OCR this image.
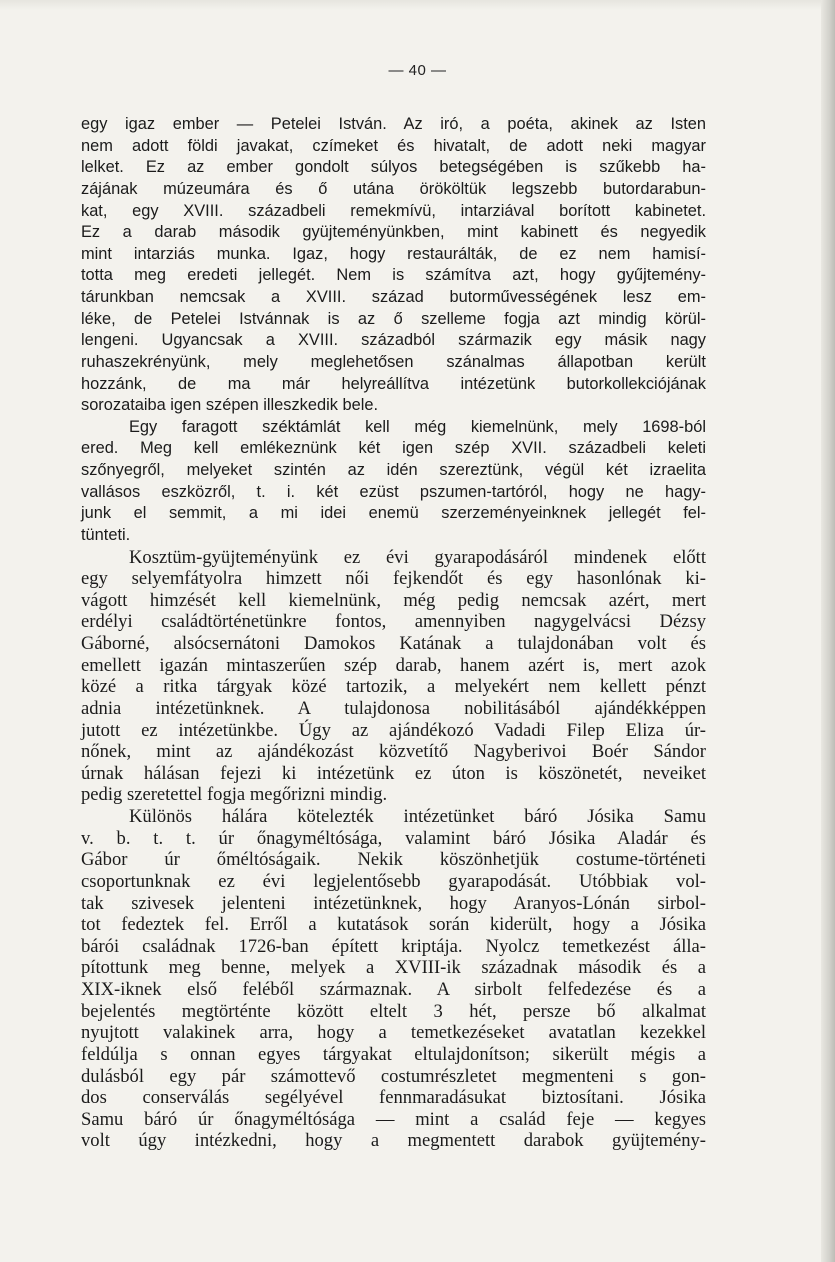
— 40 —
egy igaz ember — Petelei István. Az iró, a poéta, akinek az Isten
nem adott földi javakat, czímeket és hivatalt, de adott neki magyar
lelket. Ez az ember gondolt súlyos betegségében is szűkebb ha-
zájának múzeumára és ő utána örököltük legszebb butordarabun-
kat, egy XVIII. századbeli remekmívü, intarziával borított kabinetet.
Ez a darab második gyüjteményünkben, mint kabinett és negyedik
mint intarziás munka. Igaz, hogy restaurálták, de ez nem hamisí-
totta meg eredeti jellegét. Nem is számítva azt, hogy gyűjtemény-
tárunkban nemcsak a XVIII. század butorművességének lesz em-
léke, de Petelei Istvánnak is az ő szelleme fogja azt mindig körül-
lengeni. Ugyancsak a XVIII. századból származik egy másik nagy
ruhaszekrényünk, mely meglehetősen szánalmas állapotban került
hozzánk, de ma már helyreállítva intézetünk butorkollekciójának
sorozataiba igen szépen illeszkedik bele.
Egy faragott széktámlát kell még kiemelnünk, mely 1698-ból
ered. Meg kell emlékeznünk két igen szép XVII. századbeli keleti
szőnyegről, melyeket szintén az idén szereztünk, végül két izraelita
vallásos eszközről, t. i. két ezüst pszumen-tartóról, hogy ne hagy-
junk el semmit, a mi idei enemü szerzeményeinknek jellegét fel-
tünteti.
Kosztüm-gyüjteményünk ez évi gyarapodásáról mindenek előtt
egy selyemfátyolra himzett női fejkendőt és egy hasonlónak ki-
vágott himzését kell kiemelnünk, még pedig nemcsak azért, mert
erdélyi családtörténetünkre fontos, amennyiben nagygelvácsi Dézsy
Gáborné, alsócsernátoni Damokos Katának a tulajdonában volt és
emellett igazán mintaszerűen szép darab, hanem azért is, mert azok
közé a ritka tárgyak közé tartozik, a melyekért nem kellett pénzt
adnia intézetünknek. A tulajdonosa nobilitásából ajándékképpen
jutott ez intézetünkbe. Úgy az ajándékozó Vadadi Filep Eliza úr-
nőnek, mint az ajándékozást közvetítő Nagyberivoi Boér Sándor
úrnak hálásan fejezi ki intézetünk ez úton is köszönetét, neveiket
pedig szeretettel fogja megőrizni mindig.
Különös hálára kötelezték intézetünket báró Jósika Samu
v. b. t. t. úr őnagyméltósága, valamint báró Jósika Aladár és
Gábor úr őméltóságaik. Nekik köszönhetjük costume-történeti
csoportunknak ez évi legjelentősebb gyarapodását. Utóbbiak vol-
tak szivesek jelenteni intézetünknek, hogy Aranyos-Lónán sirbol-
tot fedeztek fel. Erről a kutatások során kiderült, hogy a Jósika
bárói családnak 1726-ban épített kriptája. Nyolcz temetkezést álla-
pítottunk meg benne, melyek a XVIII-ik századnak második és a
XIX-iknek első feléből származnak. A sirbolt felfedezése és a
bejelentés megtörténte között eltelt 3 hét, persze bő alkalmat
nyujtott valakinek arra, hogy a temetkezéseket avatatlan kezekkel
feldúlja s onnan egyes tárgyakat eltulajdonítson; sikerült mégis a
dulásból egy pár számottevő costumrészletet megmenteni s gon-
dos conserválás segélyével fennmaradásukat biztosítani. Jósika
Samu báró úr őnagyméltósága — mint a család feje — kegyes
volt úgy intézkedni, hogy a megmentett darabok gyüjtemény-
